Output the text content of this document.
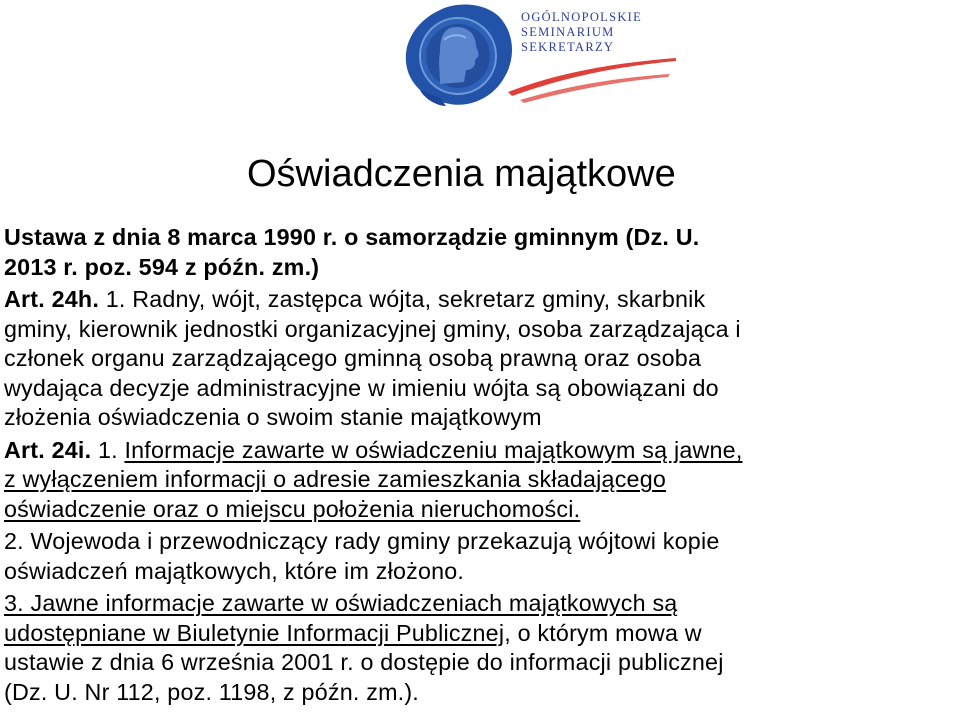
OGÓLNOPOLSKIE
SEMINARIUM
SEKRETARZY
Oświadczenia majątkowe
Ustawa z dnia 8 marca 1990 r. o samorządzie gminnym (Dz. U.
2013 r. poz. 594 z późn. zm.)
Art. 24h. 1. Radny, wójt, zastępca wójta, sekretarz gminy, skarbnik
gminy, kierownik jednostki organizacyjnej gminy, osoba zarządzająca i
członek organu zarządzającego gminną osobą prawną oraz osoba
wydająca decyzje administracyjne w imieniu wójta są obowiązani do
złożenia oświadczenia o swoim stanie majątkowym
Art. 24i. 1. Informacje zawarte w oświadczeniu majątkowym są jawne,
z wyłączeniem informacji o adresie zamieszkania składającego
oświadczenie oraz o miejscu położenia nieruchomości.
2. Wojewoda i przewodniczący rady gminy przekazują wójtowi kopie
oświadczeń majątkowych, które im złożono.
3. Jawne informacje zawarte w oświadczeniach majątkowych są
udostępniane w Biuletynie Informacji Publicznej, o którym mowa w
ustawie z dnia 6 września 2001 r. o dostępie do informacji publicznej
(Dz. U. Nr 112, poz. 1198, z późn. zm.).
